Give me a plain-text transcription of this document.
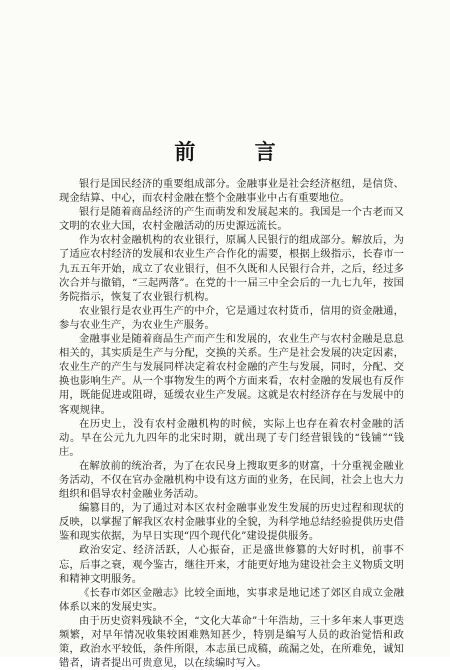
前 言

银行是国民经济的重要组成部分。金融事业是社会经济枢纽，是信贷、现金结算、中心，而农村金融在整个金融事业中占有重要地位。

银行是随着商品经济的产生而萌发和发展起来的。我国是一个古老而又文明的农业大国，农村金融活动的历史源远流长。

作为农村金融机构的农业银行，原属人民银行的组成部分。解放后，为了适应农村经济的发展和农业生产合作化的需要，根据上级指示，长春市一九五五年开始，成立了农业银行，但不久既和人民银行合并，之后，经过多次合并与撤销，“三起两落”。在党的十一届三中全会后的一九七九年，按国务院指示，恢复了农业银行机构。

农业银行是农业再生产的中介，它是通过农村货币，信用的资金融通，参与农业生产，为农业生产服务。

金融事业是随着商品生产而产生和发展的，农业生产与农村金融是息息相关的，其实质是生产与分配，交换的关系。生产是社会发展的决定因素，农业生产的产生与发展同样决定着农村金融的产生与发展，同时，分配、交换也影响生产。从一个事物发生的两个方面来看，农村金融的发展也有反作用，既能促进或阻碍，延缓农业生产发展。这就是农村经济存在与发展中的客观规律。

在历史上，没有农村金融机构的时候，实际上也存在着农村金融的活动。早在公元九九四年的北宋时期，就出现了专门经营银钱的“钱铺”“钱庄。

在解放前的统治者，为了在农民身上搜取更多的财富，十分重视金融业务活动，不仅在官办金融机构中设有这方面的业务，在民间，社会上也大力组织和倡导农村金融业务活动。

编篡目的，为了通过对本区农村金融事业发生发展的历史过程和现状的反映，以掌握了解我区农村金融事业的全貌，为科学地总结经验提供历史借鉴和现实依据，为早日实现“四个现代化”建设提供服务。

政治安定、经济活跃，人心振奋，正是盛世修篡的大好时机，前事不忘，后事之衰，观今鉴古，继往开来，才能更好地为建设社会主义物质文明和精神文明服务。

《长春市郊区金融志》比较全面地，实事求是地记述了郊区自成立金融体系以来的发展史实。

由于历史资料残缺不全，“文化大革命”十年浩劫，三十多年来人事更迭频繁，对早年情况收集较困难熟知甚少，特别是编写人员的政治觉悟和政策，政治水平较低，条件所限，本志虽已成稿，疏漏之处，在所难免，诚知错者，请者提出可贵意见，以在续编时写入。
